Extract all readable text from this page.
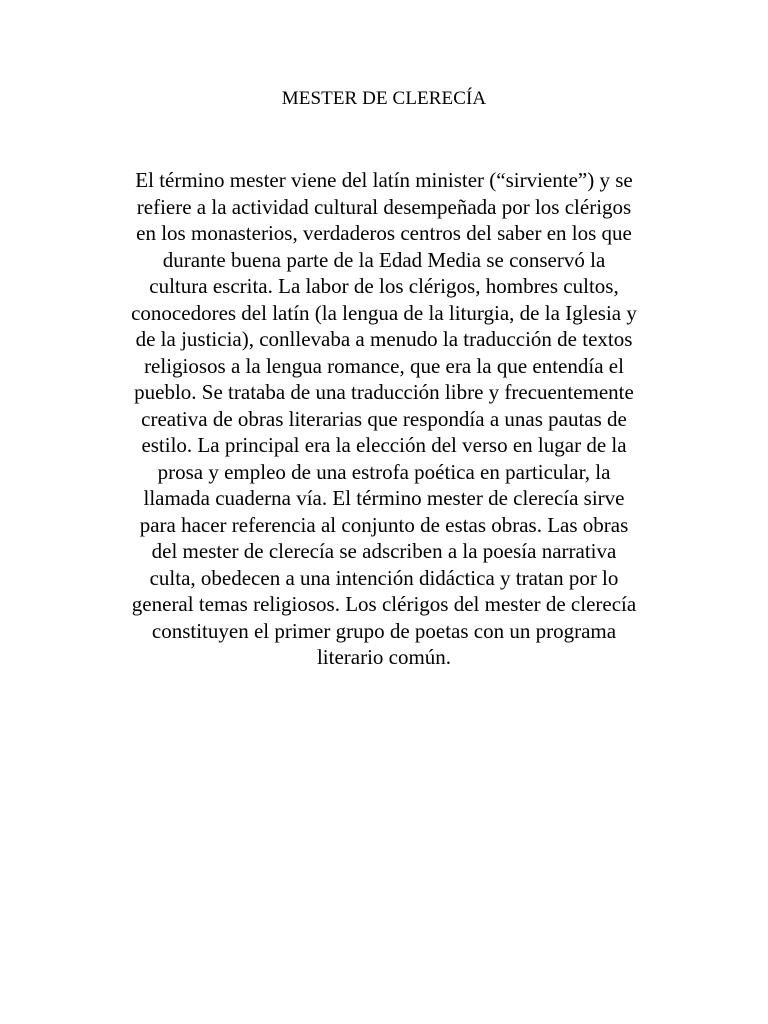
MESTER DE CLERECÍA
El término mester viene del latín minister (“sirviente”) y se
refiere a la actividad cultural desempeñada por los clérigos
en los monasterios, verdaderos centros del saber en los que
durante buena parte de la Edad Media se conservó la
cultura escrita. La labor de los clérigos, hombres cultos,
conocedores del latín (la lengua de la liturgia, de la Iglesia y
de la justicia), conllevaba a menudo la traducción de textos
religiosos a la lengua romance, que era la que entendía el
pueblo. Se trataba de una traducción libre y frecuentemente
creativa de obras literarias que respondía a unas pautas de
estilo. La principal era la elección del verso en lugar de la
prosa y empleo de una estrofa poética en particular, la
llamada cuaderna vía. El término mester de clerecía sirve
para hacer referencia al conjunto de estas obras. Las obras
del mester de clerecía se adscriben a la poesía narrativa
culta, obedecen a una intención didáctica y tratan por lo
general temas religiosos. Los clérigos del mester de clerecía
constituyen el primer grupo de poetas con un programa
literario común.
